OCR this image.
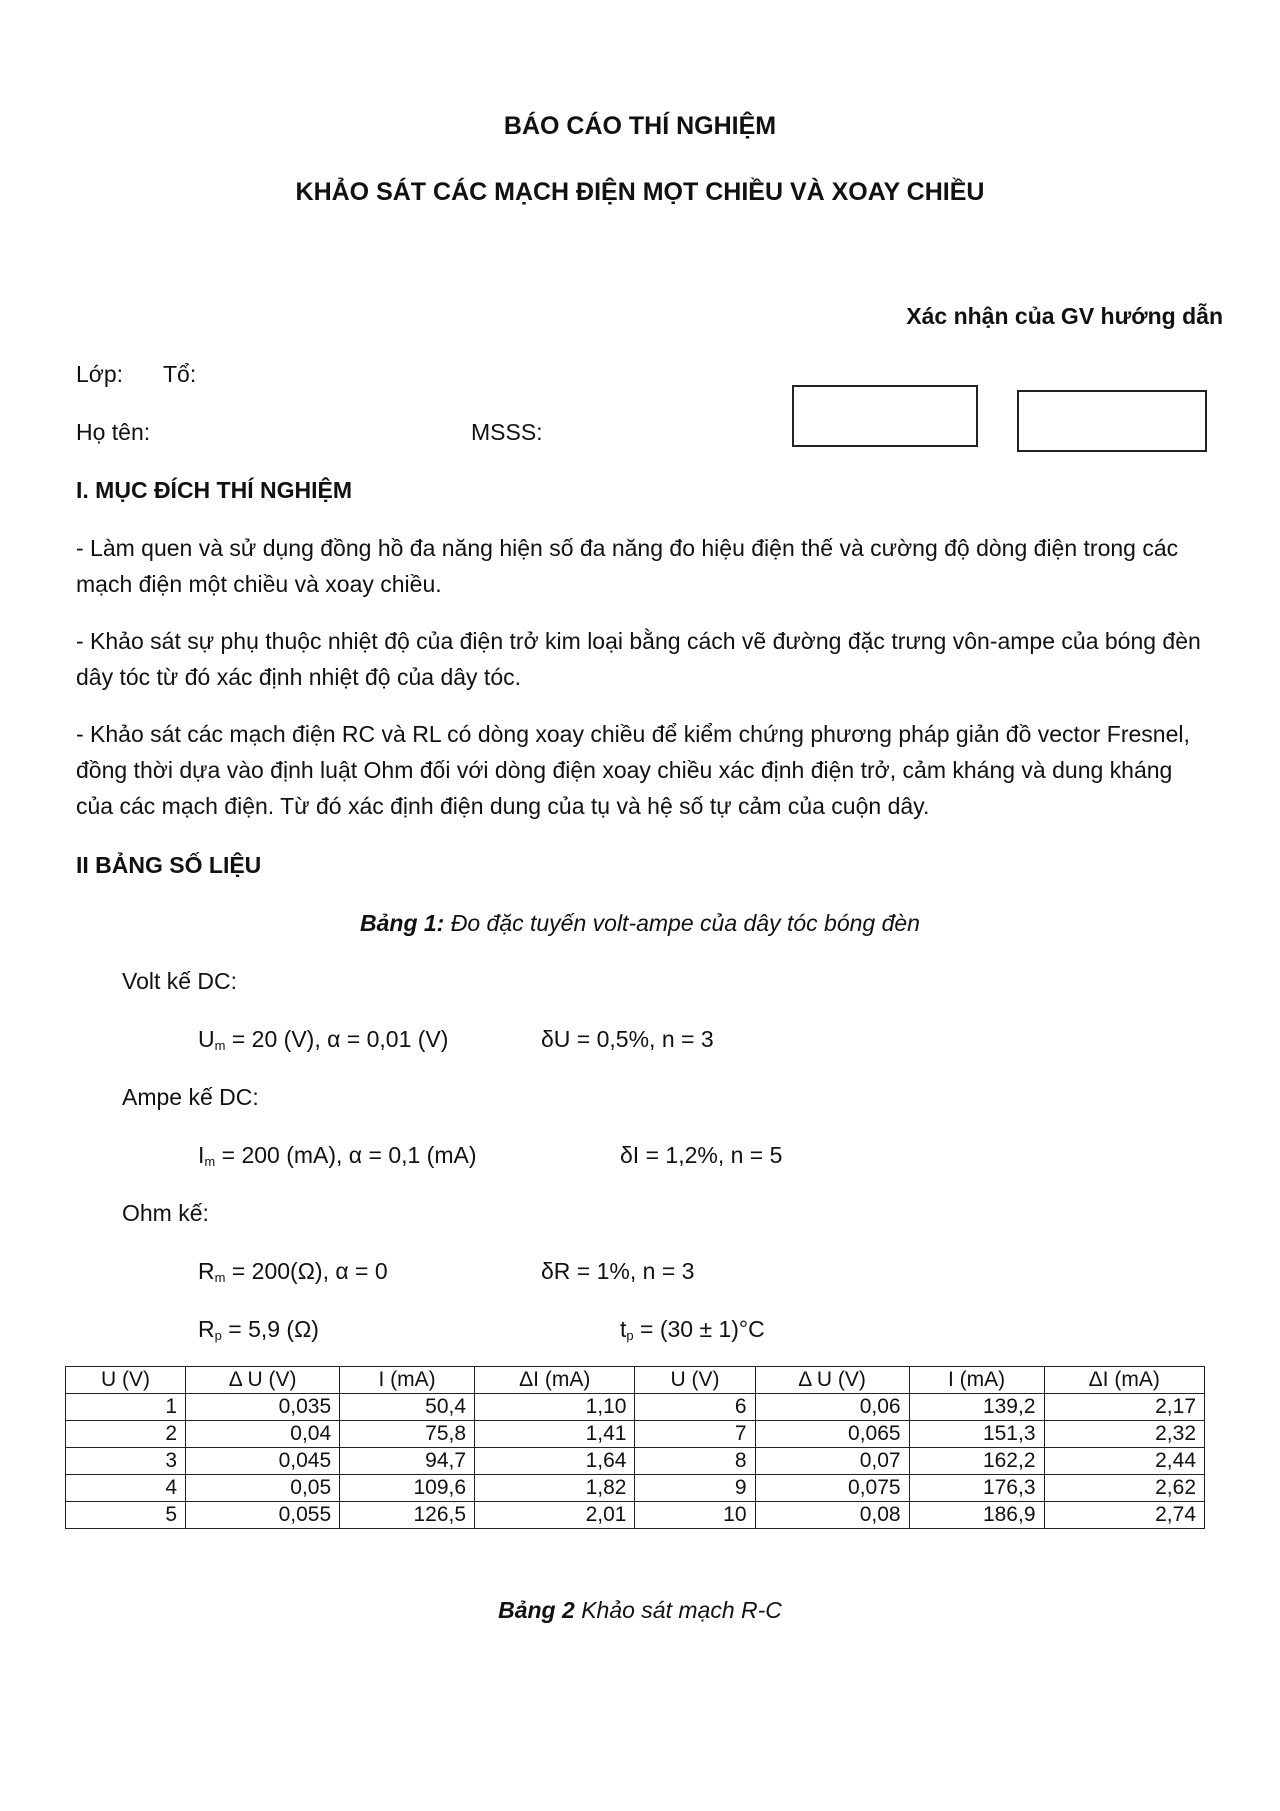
BÁO CÁO THÍ NGHIỆM
KHẢO SÁT CÁC MẠCH ĐIỆN MỌT CHIỀU VÀ XOAY CHIỀU
Xác nhận của GV hướng dẫn
Lớp: Tổ:
Họ tên:	MSSS:
I. MỤC ĐÍCH THÍ NGHIỆM
- Làm quen và sử dụng đồng hồ đa năng hiện số đa năng đo hiệu điện thế và cường độ dòng điện trong các mạch điện một chiều và xoay chiều.
- Khảo sát sự phụ thuộc nhiệt độ của điện trở kim loại bằng cách vẽ đường đặc trưng vôn-ampe của bóng đèn dây tóc từ đó xác định nhiệt độ của dây tóc.
- Khảo sát các mạch điện RC và RL có dòng xoay chiều để kiểm chứng phương pháp giản đồ vector Fresnel, đồng thời dựa vào định luật Ohm đối với dòng điện xoay chiều xác định điện trở, cảm kháng và dung kháng của các mạch điện. Từ đó xác định điện dung của tụ và hệ số tự cảm của cuộn dây.
II BẢNG SỐ LIỆU
Bảng 1: Đo đặc tuyến volt-ampe của dây tóc bóng đèn
Volt kế DC:
$U_m = 20$ (V), α = 0,01 (V)	δU = 0,5%, n = 3
Ampe kế DC:
$I_m = 200$ (mA), α = 0,1 (mA)	δI = 1,2%, n = 5
Ohm kế:
$R_m = 200(\Omega)$, α = 0	δR = 1%, n = 3
$R_p = 5,9$ (Ω)	$t_p = (30 \pm 1)^\circ C$
U (V)	Δ U (V)	I (mA)	ΔI (mA)	U (V)	Δ U (V)	I (mA)	ΔI (mA)
1	0,035	50,4	1,10	6	0,06	139,2	2,17
2	0,04	75,8	1,41	7	0,065	151,3	2,32
3	0,045	94,7	1,64	8	0,07	162,2	2,44
4	0,05	109,6	1,82	9	0,075	176,3	2,62
5	0,055	126,5	2,01	10	0,08	186,9	2,74
Bảng 2 Khảo sát mạch R-C
